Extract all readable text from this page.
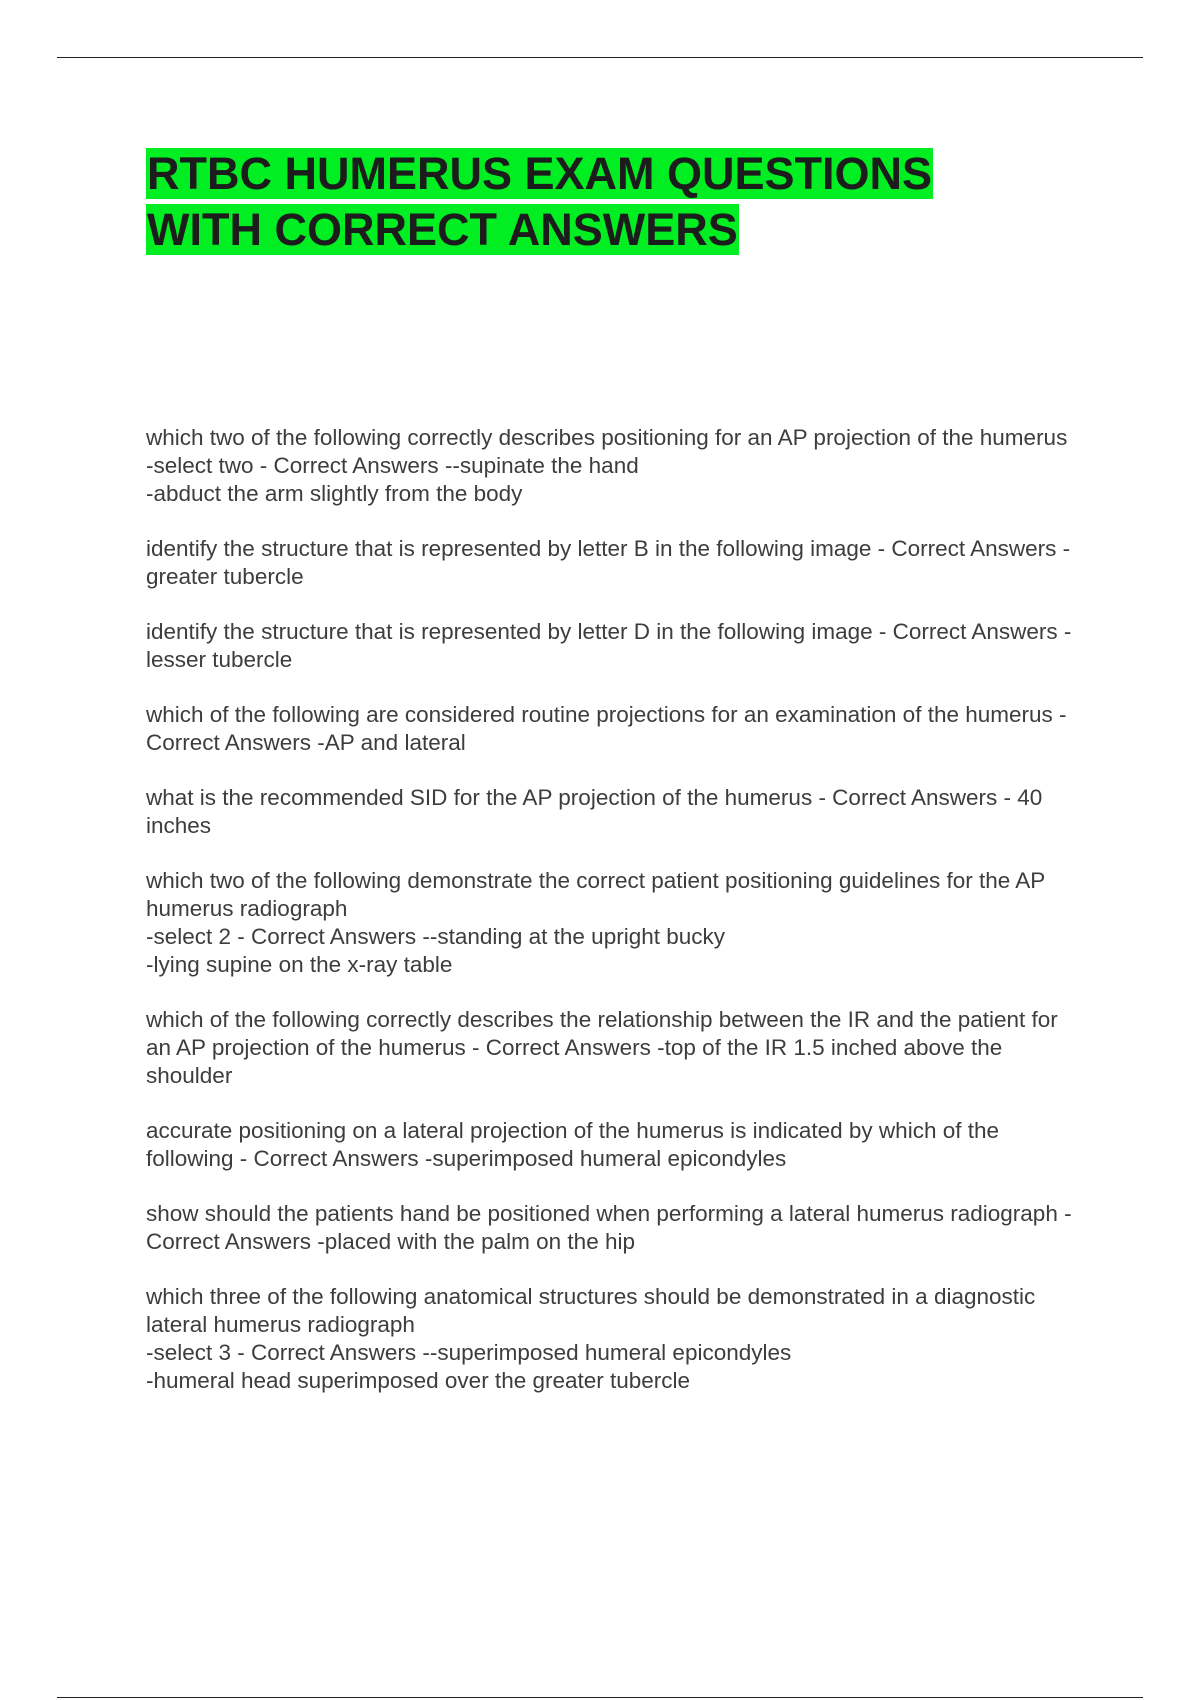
RTBC HUMERUS EXAM QUESTIONS WITH CORRECT ANSWERS

which two of the following correctly describes positioning for an AP projection of the humerus
-select two - Correct Answers --supinate the hand
-abduct the arm slightly from the body

identify the structure that is represented by letter B in the following image - Correct Answers -greater tubercle

identify the structure that is represented by letter D in the following image - Correct Answers -lesser tubercle

which of the following are considered routine projections for an examination of the humerus - Correct Answers -AP and lateral

what is the recommended SID for the AP projection of the humerus - Correct Answers - 40 inches

which two of the following demonstrate the correct patient positioning guidelines for the AP humerus radiograph
-select 2 - Correct Answers --standing at the upright bucky
-lying supine on the x-ray table

which of the following correctly describes the relationship between the IR and the patient for an AP projection of the humerus - Correct Answers -top of the IR 1.5 inched above the shoulder

accurate positioning on a lateral projection of the humerus is indicated by which of the following - Correct Answers -superimposed humeral epicondyles

show should the patients hand be positioned when performing a lateral humerus radiograph - Correct Answers -placed with the palm on the hip

which three of the following anatomical structures should be demonstrated in a diagnostic lateral humerus radiograph
-select 3 - Correct Answers --superimposed humeral epicondyles
-humeral head superimposed over the greater tubercle
